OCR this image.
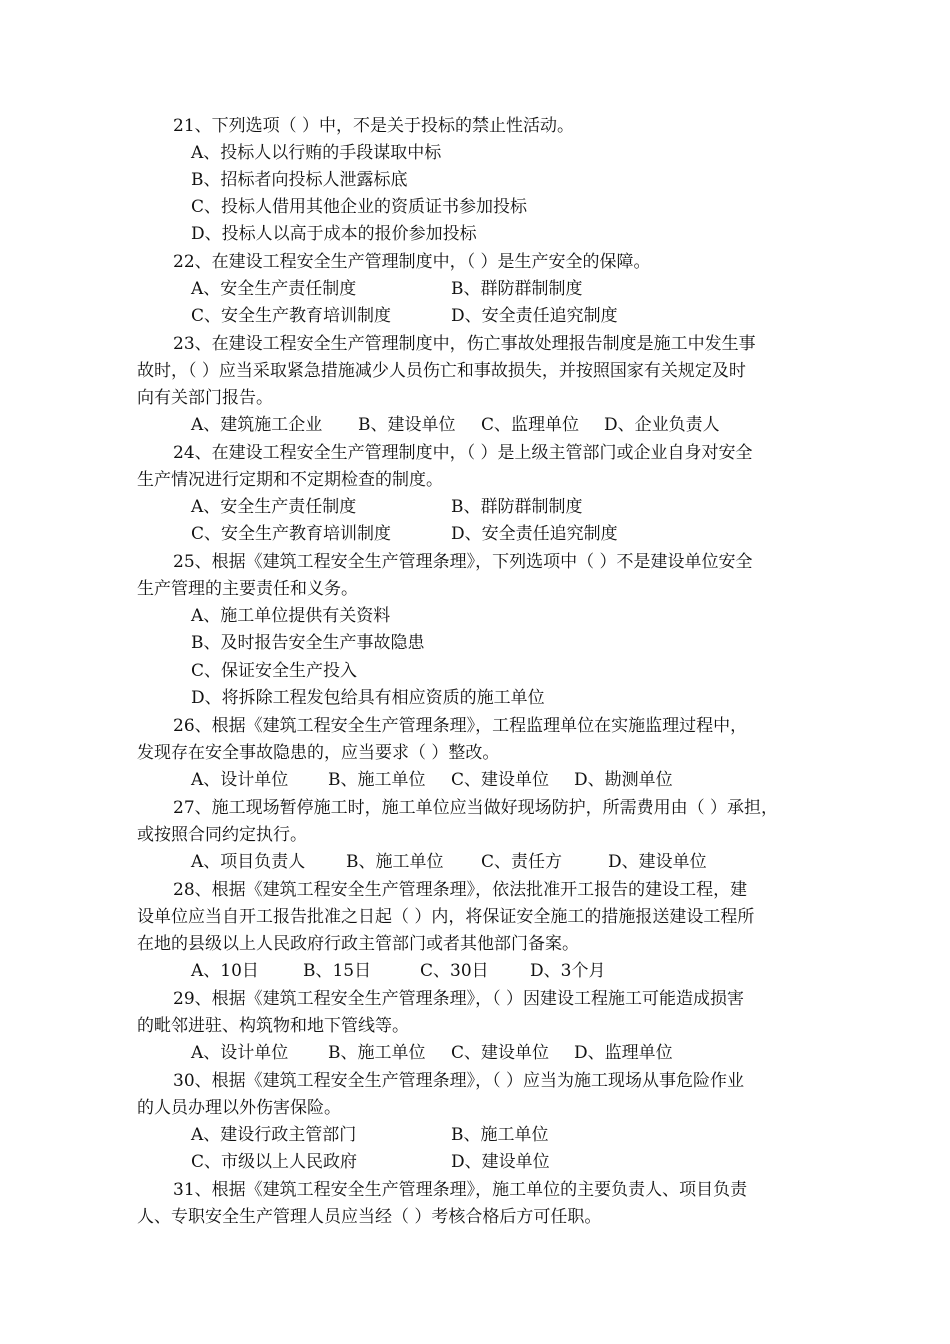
21、下列选项（ ）中，不是关于投标的禁止性活动。
A、投标人以行贿的手段谋取中标
B、招标者向投标人泄露标底
C、投标人借用其他企业的资质证书参加投标
D、投标人以高于成本的报价参加投标
22、在建设工程安全生产管理制度中，（ ）是生产安全的保障。
A、安全生产责任制度	B、群防群制制度
C、安全生产教育培训制度	D、安全责任追究制度
23、在建设工程安全生产管理制度中，伤亡事故处理报告制度是施工中发生事
故时，（ ）应当采取紧急措施减少人员伤亡和事故损失，并按照国家有关规定及时
向有关部门报告。
A、建筑施工企业 B、建设单位 C、监理单位 D、企业负责人
24、在建设工程安全生产管理制度中，（ ）是上级主管部门或企业自身对安全
生产情况进行定期和不定期检查的制度。
A、安全生产责任制度	B、群防群制制度
C、安全生产教育培训制度	D、安全责任追究制度
25、根据《建筑工程安全生产管理条理》，下列选项中（ ）不是建设单位安全
生产管理的主要责任和义务。
A、施工单位提供有关资料
B、及时报告安全生产事故隐患
C、保证安全生产投入
D、将拆除工程发包给具有相应资质的施工单位
26、根据《建筑工程安全生产管理条理》，工程监理单位在实施监理过程中，
发现存在安全事故隐患的，应当要求（ ）整改。
A、设计单位 B、施工单位 C、建设单位 D、勘测单位
27、施工现场暂停施工时，施工单位应当做好现场防护，所需费用由（ ）承担，
或按照合同约定执行。
A、项目负责人 B、施工单位 C、责任方	D、建设单位
28、根据《建筑工程安全生产管理条理》，依法批准开工报告的建设工程，建
设单位应当自开工报告批准之日起（ ）内，将保证安全施工的措施报送建设工程所
在地的县级以上人民政府行政主管部门或者其他部门备案。
A、10日	B、15日	C、30日 D、3个月
29、根据《建筑工程安全生产管理条理》，（ ）因建设工程施工可能造成损害
的毗邻进驻、构筑物和地下管线等。
A、设计单位 B、施工单位 C、建设单位 D、监理单位
30、根据《建筑工程安全生产管理条理》，（ ）应当为施工现场从事危险作业
的人员办理以外伤害保险。
A、建设行政主管部门	B、施工单位
C、市级以上人民政府	D、建设单位
31、根据《建筑工程安全生产管理条理》，施工单位的主要负责人、项目负责
人、专职安全生产管理人员应当经（ ）考核合格后方可任职。
